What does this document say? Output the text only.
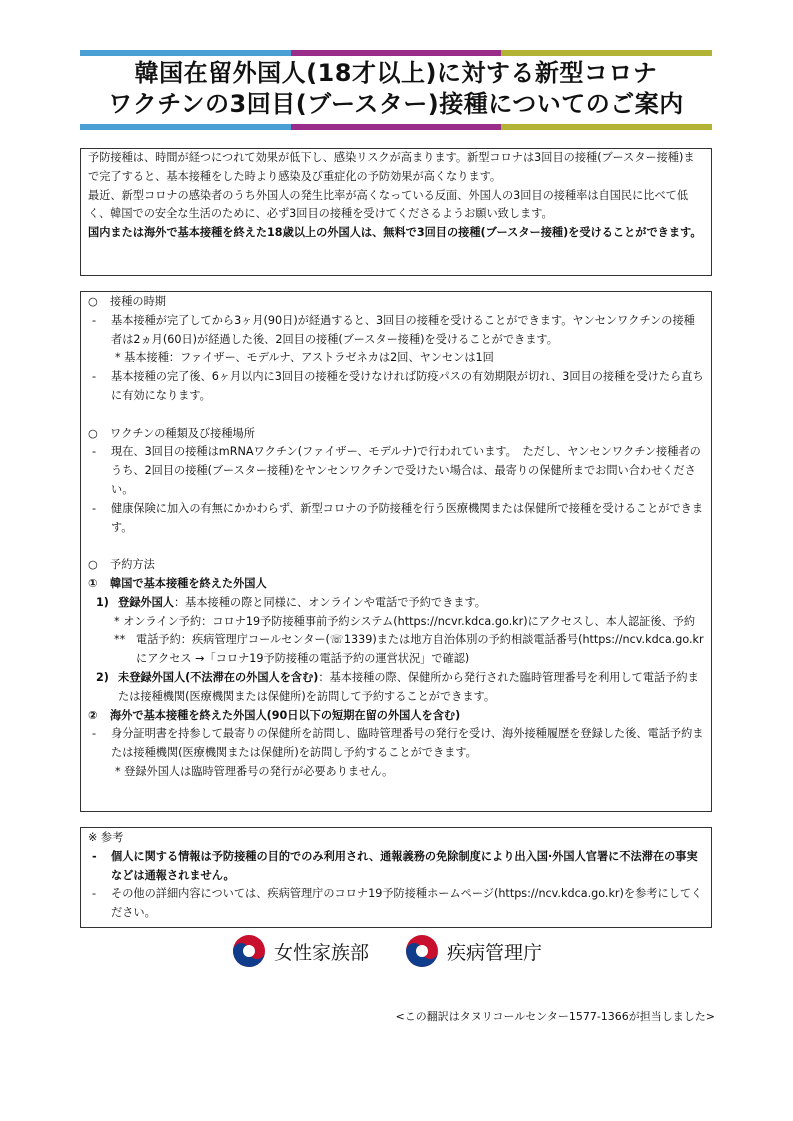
韓国在留外国人(18才以上)に対する新型コロナ
ワクチンの3回目(ブースター)接種についてのご案内

予防接種は、時間が経つにつれて効果が低下し、感染リスクが高まります。新型コロナは3回目の接種(ブースター接種)まで完了すると、基本接種をした時より感染及び重症化の予防効果が高くなります。

最近、新型コロナの感染者のうち外国人の発生比率が高くなっている反面、外国人の3回目の接種率は自国民に比べて低く、韓国での安全な生活のために、必ず3回目の接種を受けてくださるようお願い致します。

国内または海外で基本接種を終えた18歳以上の外国人は、無料で3回目の接種(ブースター接種)を受けることができます。

○	接種の時期
-	基本接種が完了してから3ヶ月(90日)が経過すると、3回目の接種を受けることができます。ヤンセンワクチンの接種者は2ヵ月(60日)が経過した後、2回目の接種(ブースター接種)を受けることができます。
* 基本接種：ファイザー、モデルナ、アストラゼネカは2回、ヤンセンは1回
-	基本接種の完了後、6ヶ月以内に3回目の接種を受けなければ防疫パスの有効期限が切れ、3回目の接種を受けたら直ちに有効になります。
○	ワクチンの種類及び接種場所
-	現在、3回目の接種はmRNAワクチン(ファイザー、モデルナ)で行われています。　ただし、ヤンセンワクチン接種者のうち、2回目の接種(ブースター接種)をヤンセンワクチンで受けたい場合は、最寄りの保健所までお問い合わせください。
-	健康保険に加入の有無にかかわらず、新型コロナの予防接種を行う医療機関または保健所で接種を受けることができます。
○	予約方法
①	韓国で基本接種を終えた外国人
1) 登録外国人：基本接種の際と同様に、オンラインや電話で予約できます。
* オンライン予約：コロナ19予防接種事前予約システム(https://ncvr.kdca.go.kr)にアクセスし、本人認証後、予約
** 電話予約：疾病管理庁コールセンター(☏1339)または地方自治体別の予約相談電話番号(https://ncv.kdca.go.krにアクセス →「コロナ19予防接種の電話予約の運営状況」で確認)
2) 未登録外国人(不法滞在の外国人を含む)：基本接種の際、保健所から発行された臨時管理番号を利用して電話予約または接種機関(医療機関または保健所)を訪問して予約することができます。
②	海外で基本接種を終えた外国人(90日以下の短期在留の外国人を含む)
-	身分証明書を持参して最寄りの保健所を訪問し、臨時管理番号の発行を受け、海外接種履歴を登録した後、電話予約または接種機関(医療機関または保健所)を訪問し予約することができます。
* 登録外国人は臨時管理番号の発行が必要ありません。
※ 参考
-	個人に関する情報は予防接種の目的でのみ利用され、通報義務の免除制度により出入国·外国人官署に不法滞在の事実などは通報されません。
-	その他の詳細内容については、疾病管理庁のコロナ19予防接種ホームページ(https://ncv.kdca.go.kr)を参考にしてください。
女性家族部	疾病管理庁
<この翻訳はタヌリコールセンター1577-1366が担当しました>
